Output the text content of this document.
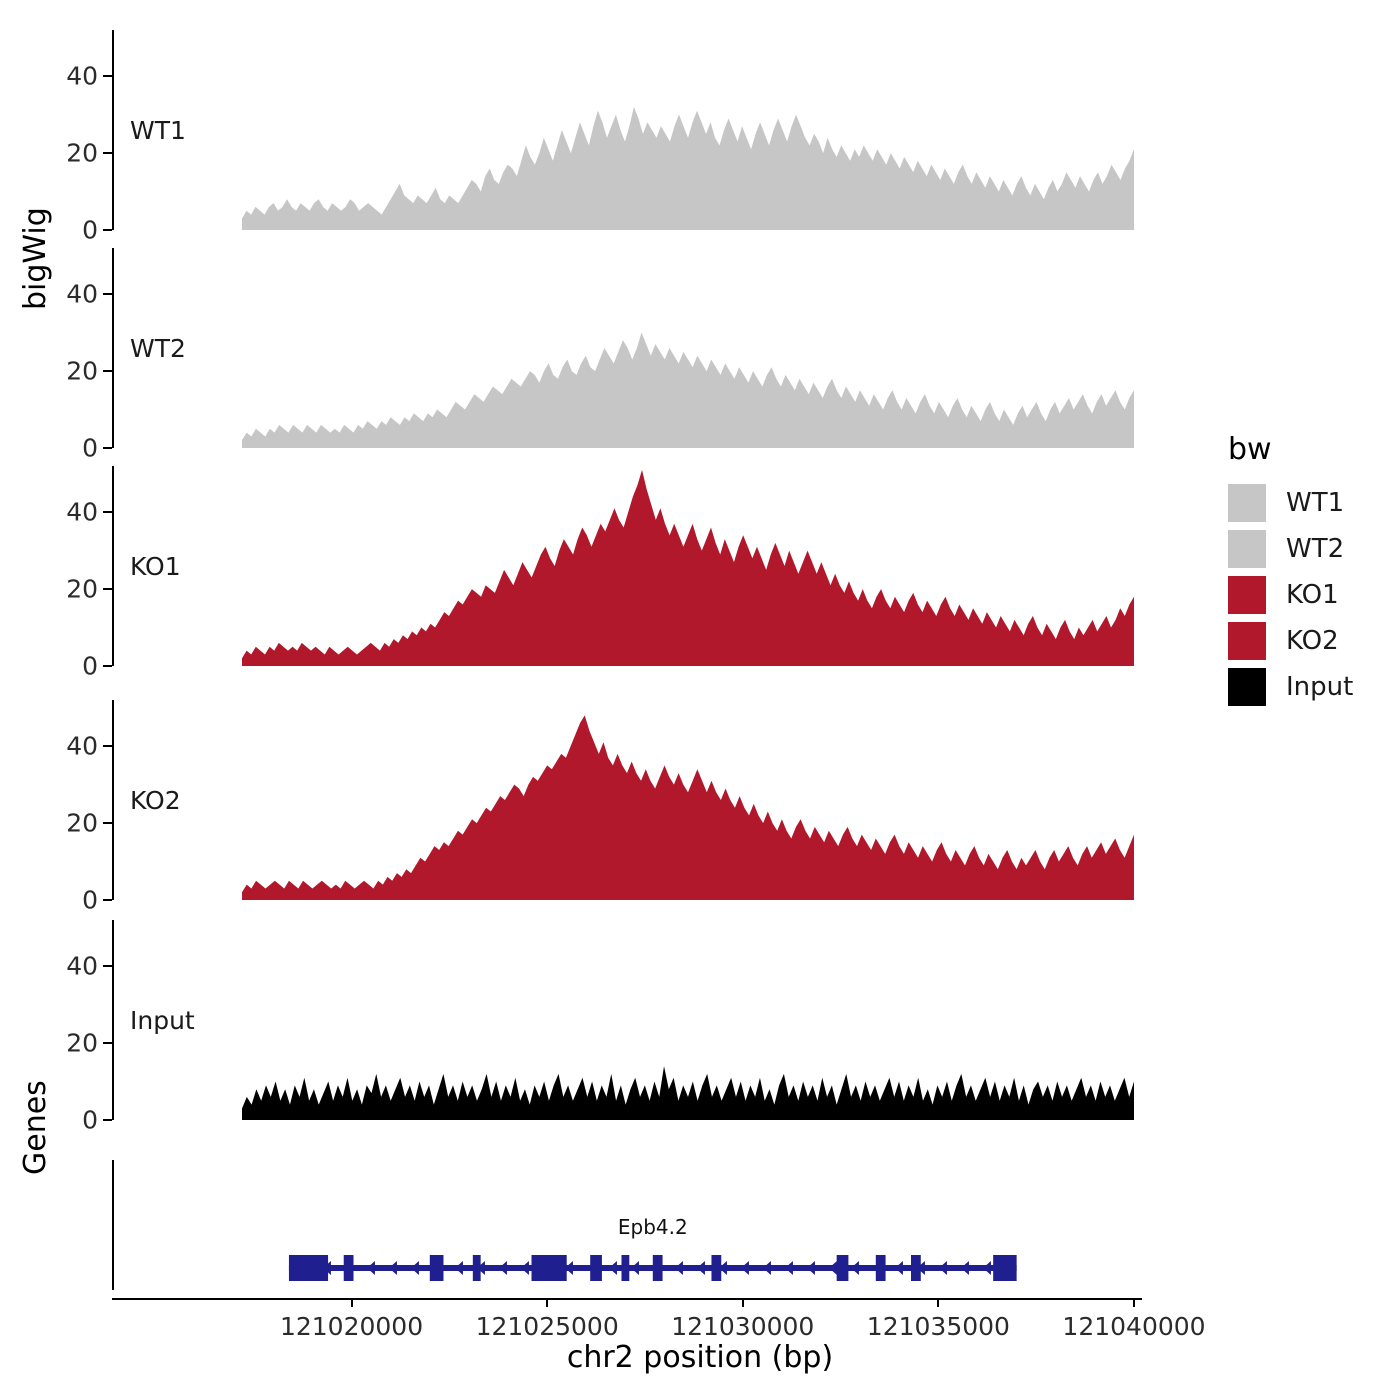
bigWig
Genes
0
20
40
WT1
0
20
40
WT2
0
20
40
KO1
0
20
40
KO2
0
20
40
Input
Epb4.2
121020000 121025000 121030000 121035000 121040000
chr2 position (bp)
bw
WT1
WT2
KO1
KO2
Input
